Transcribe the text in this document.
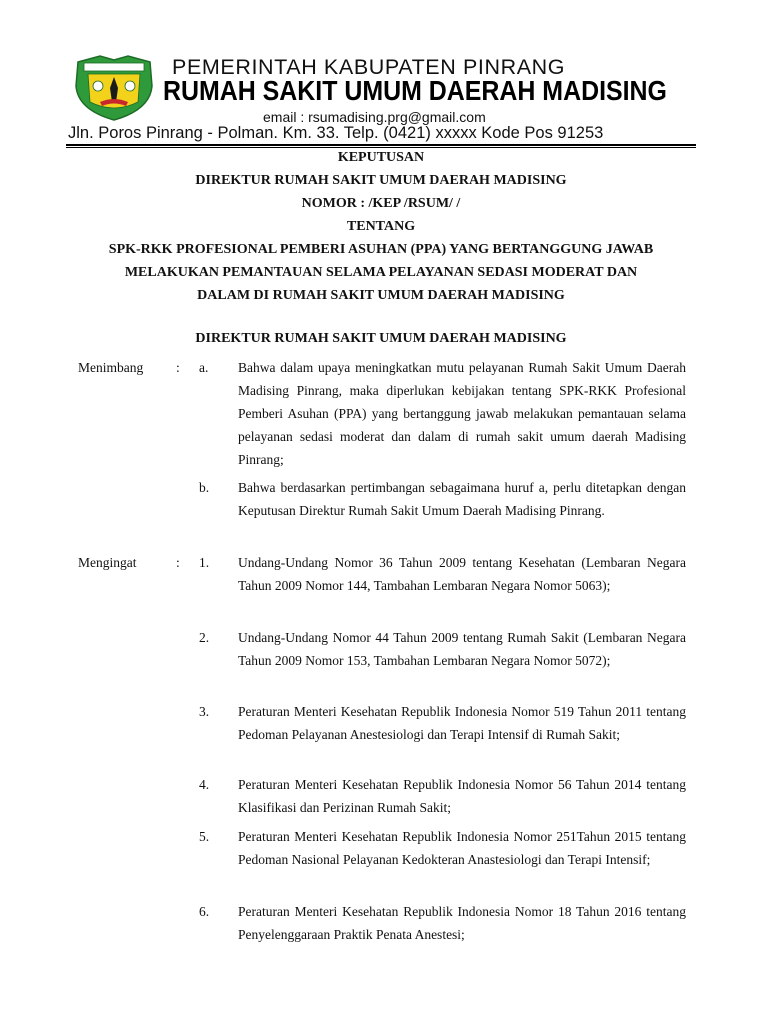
PEMERINTAH KABUPATEN PINRANG
RUMAH SAKIT UMUM DAERAH MADISING
email : rsumadising.prg@gmail.com
Jln. Poros Pinrang - Polman. Km. 33. Telp. (0421) xxxxx Kode Pos 91253
KEPUTUSAN
DIREKTUR RUMAH SAKIT UMUM DAERAH MADISING
NOMOR : /KEP /RSUM/ /
TENTANG
SPK-RKK PROFESIONAL PEMBERI ASUHAN (PPA) YANG BERTANGGUNG JAWAB
MELAKUKAN PEMANTAUAN SELAMA PELAYANAN SEDASI MODERAT DAN
DALAM DI RUMAH SAKIT UMUM DAERAH MADISING
DIREKTUR RUMAH SAKIT UMUM DAERAH MADISING
Menimbang : a. Bahwa dalam upaya meningkatkan mutu pelayanan Rumah Sakit Umum Daerah Madising Pinrang, maka diperlukan kebijakan tentang SPK-RKK Profesional Pemberi Asuhan (PPA) yang bertanggung jawab melakukan pemantauan selama pelayanan sedasi moderat dan dalam di rumah sakit umum daerah Madising Pinrang;
b. Bahwa berdasarkan pertimbangan sebagaimana huruf a, perlu ditetapkan dengan Keputusan Direktur Rumah Sakit Umum Daerah Madising Pinrang.
Mengingat	: 1. Undang-Undang Nomor 36 Tahun 2009 tentang Kesehatan (Lembaran Negara Tahun 2009 Nomor 144, Tambahan Lembaran Negara Nomor 5063);
2. Undang-Undang Nomor 44 Tahun 2009 tentang Rumah Sakit (Lembaran Negara Tahun 2009 Nomor 153, Tambahan Lembaran Negara Nomor 5072);
3. Peraturan Menteri Kesehatan Republik Indonesia Nomor 519 Tahun 2011 tentang Pedoman Pelayanan Anestesiologi dan Terapi Intensif di Rumah Sakit;
4. Peraturan Menteri Kesehatan Republik Indonesia Nomor 56 Tahun 2014 tentang Klasifikasi dan Perizinan Rumah Sakit;
5. Peraturan Menteri Kesehatan Republik Indonesia Nomor 251Tahun 2015 tentang Pedoman Nasional Pelayanan Kedokteran Anastesiologi dan Terapi Intensif;
6. Peraturan Menteri Kesehatan Republik Indonesia Nomor 18 Tahun 2016 tentang Penyelenggaraan Praktik Penata Anestesi;
